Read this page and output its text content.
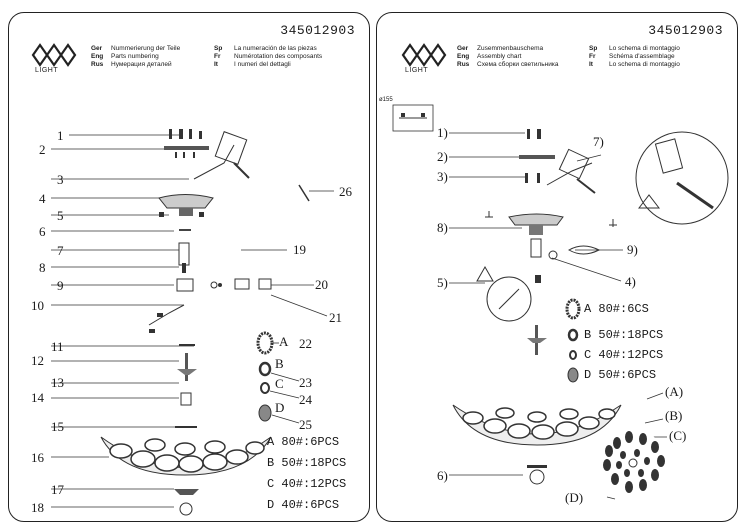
345012903
LIGHT
Ger Nummerierung der Teile
Eng Parts numbering
Rus Нумерация деталей
Sp La numeración de las piezas
Fr Numérotation des composants
It I numeri del dettagli
1
2
3
4
5
6
7
8
9
10
11
12
13
14
15
16
17
18
26
19
20
21
22
23
24
25
A
B
C
D
A 80#:6PCS
B 50#:18PCS
C 40#:12PCS
D 40#:6PCS
345012903
LIGHT
Ger Zusemmenbauschema
Eng Assembly chart
Rus Схема сборки светильника
Sp Lo schema di montaggio
Fr Schéma d'assemblage
It Lo schema di montaggio
ø155
1)
2)
3)
7)
8)
9)
4)
5)
6)
A 80#:6CS
B 50#:18PCS
C 40#:12PCS
D 50#:6PCS
(A)
(B)
(C)
(D)
